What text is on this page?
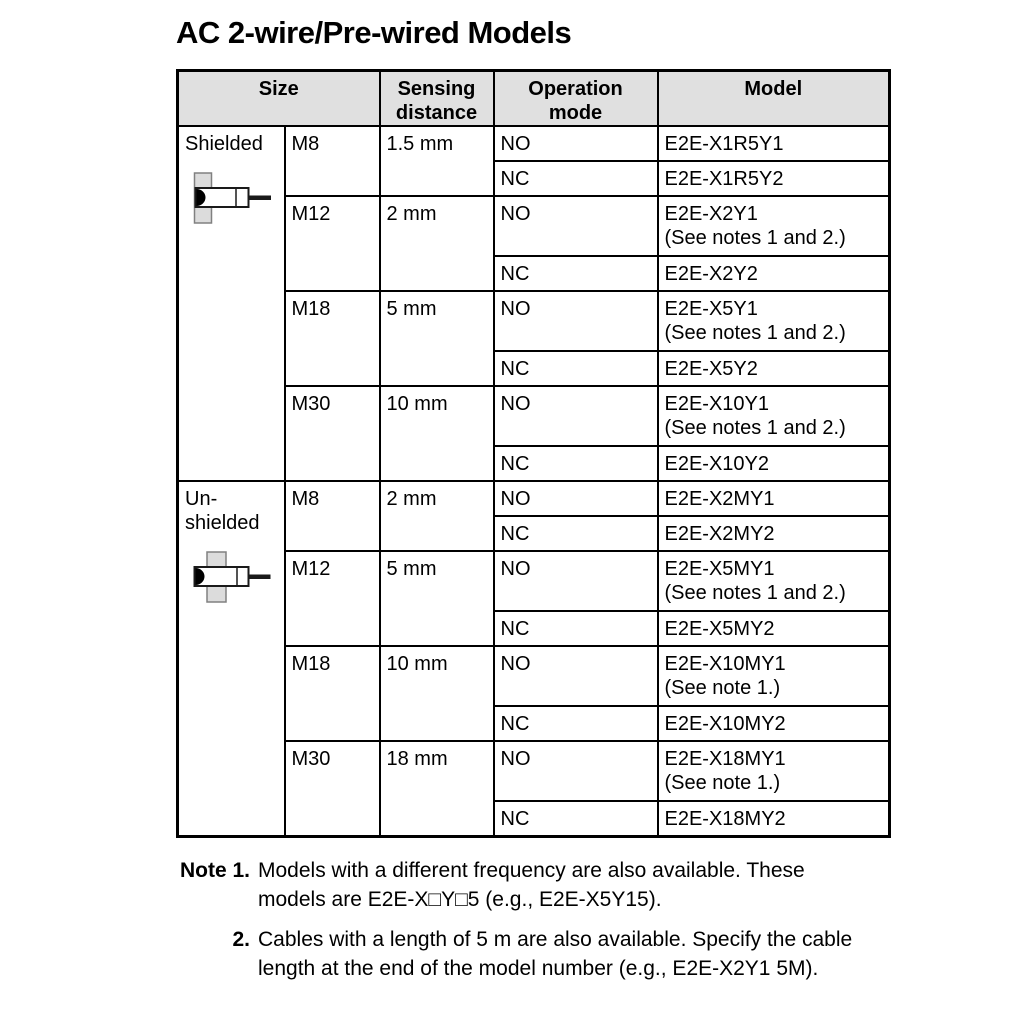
AC 2-wire/Pre-wired Models
Size		Sensing distance	Operation mode	Model

Shielded	M8	1.5 mm	NO	E2E-X1R5Y1

			NC	E2E-X1R5Y2

	M12	2 mm	NO	E2E-X2Y1
(See notes 1 and 2.)

			NC	E2E-X2Y2

	M18	5 mm	NO	E2E-X5Y1
(See notes 1 and 2.)

			NC	E2E-X5Y2

	M30	10 mm	NO	E2E-X10Y1
(See notes 1 and 2.)

			NC	E2E-X10Y2

Un-shielded	M8	2 mm	NO	E2E-X2MY1

			NC	E2E-X2MY2

	M12	5 mm	NO	E2E-X5MY1
(See notes 1 and 2.)

			NC	E2E-X5MY2

	M18	10 mm	NO	E2E-X10MY1
(See note 1.)

			NC	E2E-X10MY2

	M30	18 mm	NO	E2E-X18MY1
(See note 1.)

			NC	E2E-X18MY2
Note 1. Models with a different frequency are also available. These models are E2E-X□Y□5 (e.g., E2E-X5Y15).
2. Cables with a length of 5 m are also available. Specify the cable length at the end of the model number (e.g., E2E-X2Y1 5M).
